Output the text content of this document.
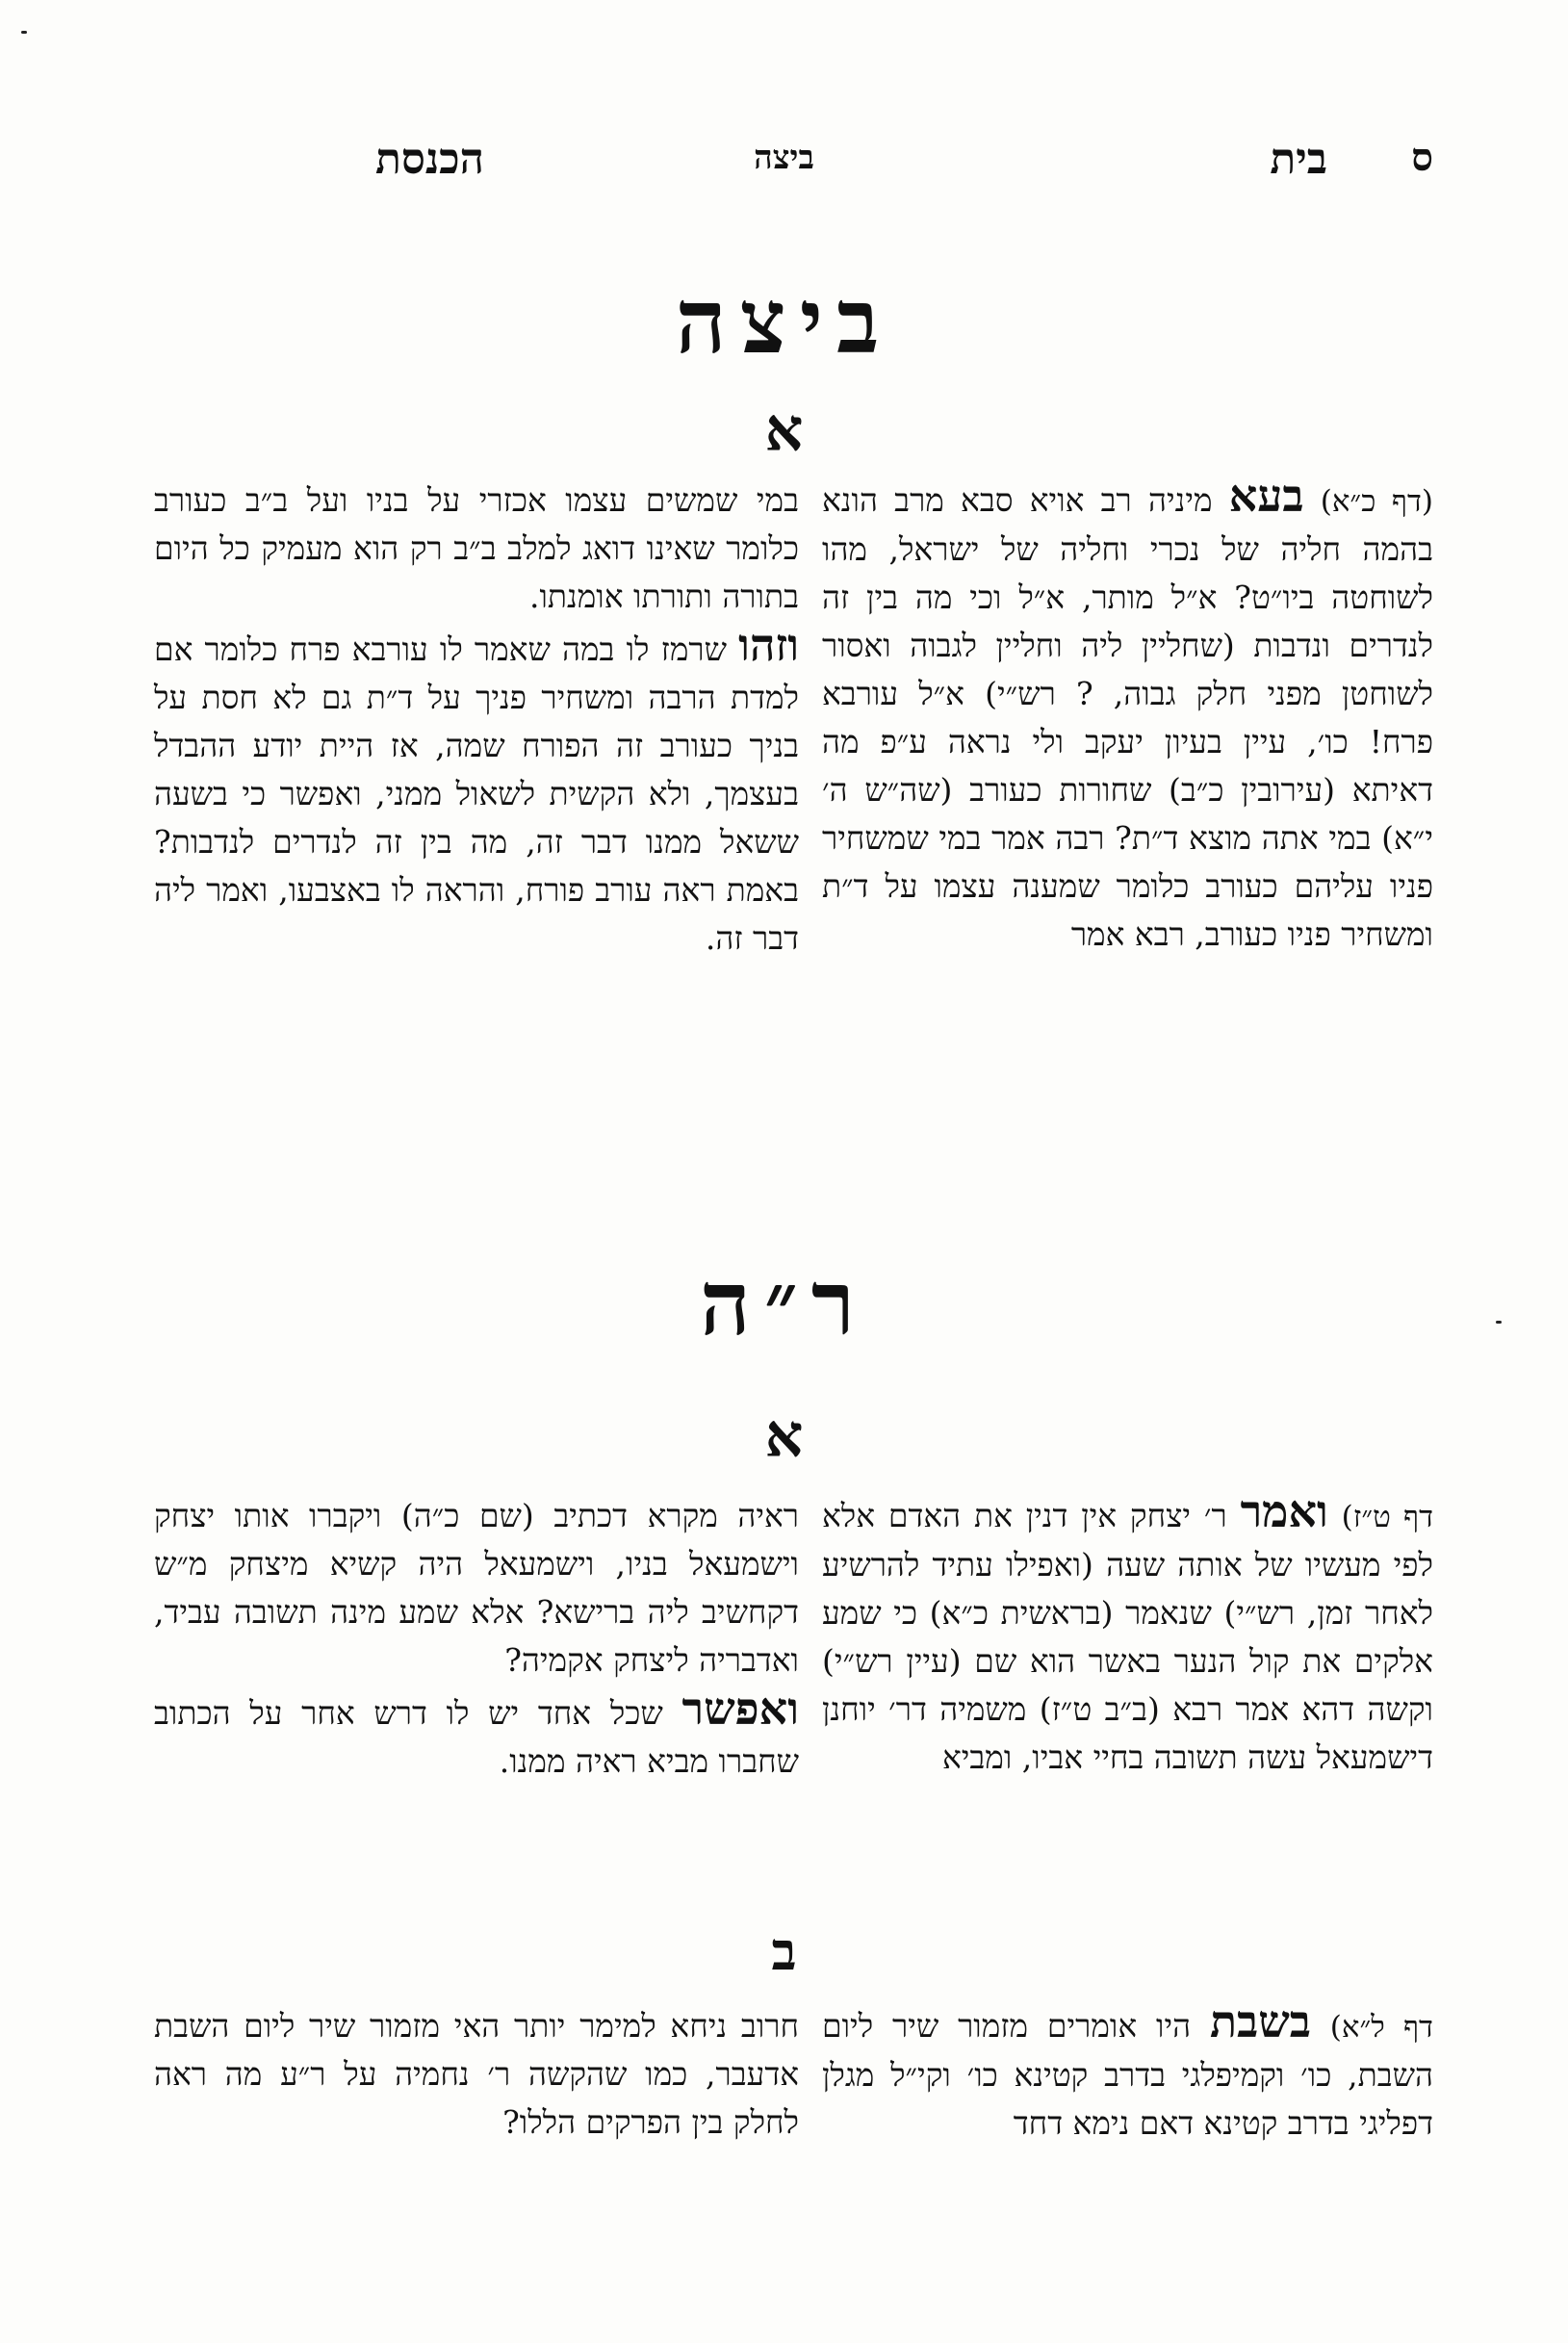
ס
בית
ביצה
הכנסת
ביצה
א

(דף כ״א) בעא מיניה רב אויא סבא מרב הונא בהמה חליה של נכרי וחליה של ישראל, מהו לשוחטה ביו״ט? א״ל מותר, א״ל וכי מה בין זה לנדרים ונדבות (שחליין ליה וחליין לגבוה ואסור לשוחטן מפני חלק גבוה, ? רש״י) א״ל עורבא פרח! כו׳, עיין בעיון יעקב ולי נראה ע״פ מה דאיתא (עירובין כ״ב) שחורות כעורב (שה״ש ה׳ י״א) במי אתה מוצא ד״ת? רבה אמר במי שמשחיר פניו עליהם כעורב כלומר שמענה עצמו על ד״ת ומשחיר פניו כעורב, רבא אמר

במי שמשים עצמו אכזרי על בניו ועל ב״ב כעורב כלומר שאינו דואג למלב ב״ב רק הוא מעמיק כל היום בתורה ותורתו אומנתו.

וזהו שרמז לו במה שאמר לו עורבא פרח כלומר אם למדת הרבה ומשחיר פניך על ד״ת גם לא חסת על בניך כעורב זה הפורח שמה, אז היית יודע ההבדל בעצמך, ולא הקשית לשאול ממני, ואפשר כי בשעה ששאל ממנו דבר זה, מה בין זה לנדרים לנדבות? באמת ראה עורב פורח, והראה לו באצבעו, ואמר ליה דבר זה.

ר״ה
א

דף ט״ז) ואמר ר׳ יצחק אין דנין את האדם אלא לפי מעשיו של אותה שעה (ואפילו עתיד להרשיע לאחר זמן, רש״י) שנאמר (בראשית כ״א) כי שמע אלקים את קול הנער באשר הוא שם (עיין רש״י) וקשה דהא אמר רבא (ב״ב ט״ז) משמיה דר׳ יוחנן דישמעאל עשה תשובה בחיי אביו, ומביא

ראיה מקרא דכתיב (שם כ״ה) ויקברו אותו יצחק וישמעאל בניו, וישמעאל היה קשיא מיצחק מ״ש דקחשיב ליה ברישא? אלא שמע מינה תשובה עביד, ואדבריה ליצחק אקמיה?

ואפשר שכל אחד יש לו דרש אחר על הכתוב שחברו מביא ראיה ממנו.

ב

דף ל״א) בשבת היו אומרים מזמור שיר ליום השבת, כו׳ וקמיפלגי בדרב קטינא כו׳ וקי״ל מגלן דפליגי בדרב קטינא דאם נימא דחד

חרוב ניחא למימר יותר האי מזמור שיר ליום השבת אדעבר, כמו שהקשה ר׳ נחמיה על ר״ע מה ראה לחלק בין הפרקים הללו?
